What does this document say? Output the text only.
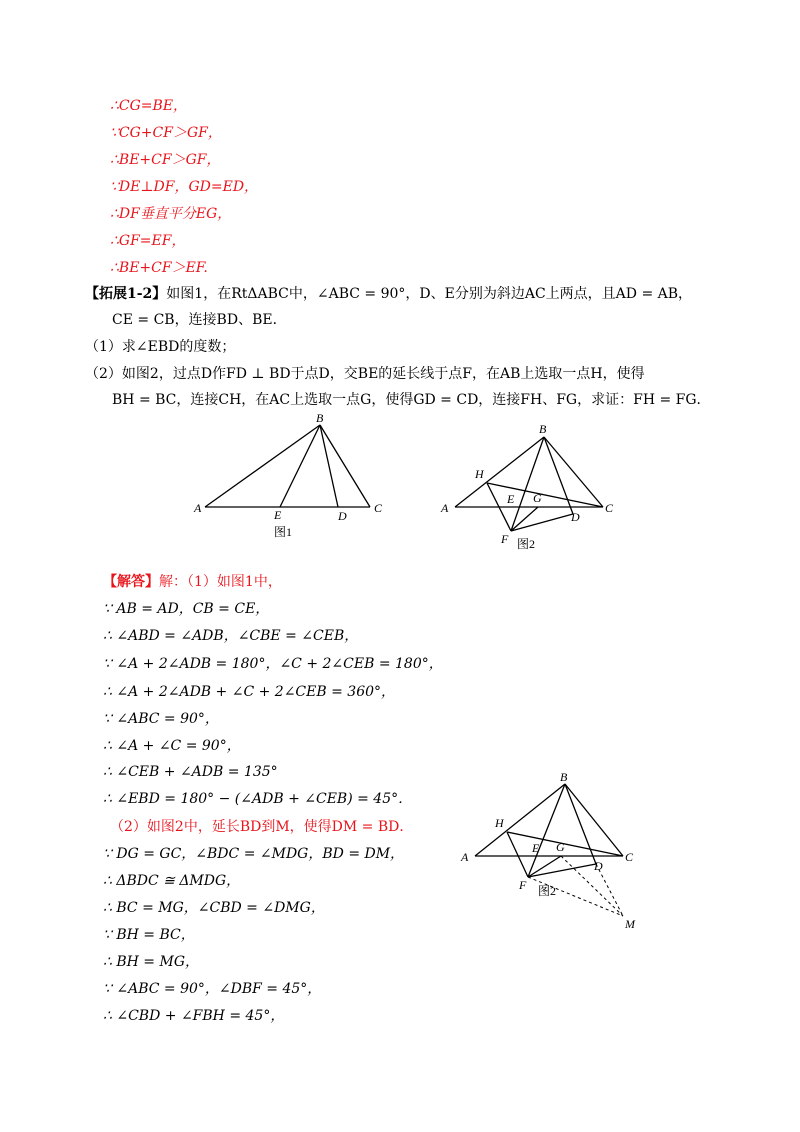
∴CG=BE，
∵CG+CF＞GF，
∴BE+CF＞GF，
∵DE⊥DF，GD=ED，
∴DF垂直平分EG，
∴GF=EF，
∴BE+CF＞EF.
【拓展1-2】如图1，在RtΔABC中，∠ABC = 90°，D、E分别为斜边AC上两点，且AD = AB，
CE = CB，连接BD、BE．
（1）求∠EBD的度数；
（2）如图2，过点D作FD ⊥ BD于点D，交BE的延长线于点F，在AB上选取一点H，使得
BH = BC，连接CH，在AC上选取一点G，使得GD = CD，连接FH、FG，求证：FH = FG．
A
B
C
D
E
图1
A
B
C
D
E
F
G
H
图2
【解答】解：（1）如图1中，
∵ AB = AD，CB = CE，
∴ ∠ABD = ∠ADB，∠CBE = ∠CEB，
∵ ∠A + 2∠ADB = 180°，∠C + 2∠CEB = 180°，
∴ ∠A + 2∠ADB + ∠C + 2∠CEB = 360°，
∵ ∠ABC = 90°，
∴ ∠A + ∠C = 90°，
∴ ∠CEB + ∠ADB = 135°
∴ ∠EBD = 180° − (∠ADB + ∠CEB) = 45°．
（2）如图2中，延长BD到M，使得DM = BD．
∵ DG = GC，∠BDC = ∠MDG，BD = DM，
∴ ΔBDC ≅ ΔMDG，
∴ BC = MG，∠CBD = ∠DMG，
∵ BH = BC，
∴ BH = MG，
∵ ∠ABC = 90°，∠DBF = 45°，
∴ ∠CBD + ∠FBH = 45°，
A
B
C
D
E
F
G
H
M
图2
